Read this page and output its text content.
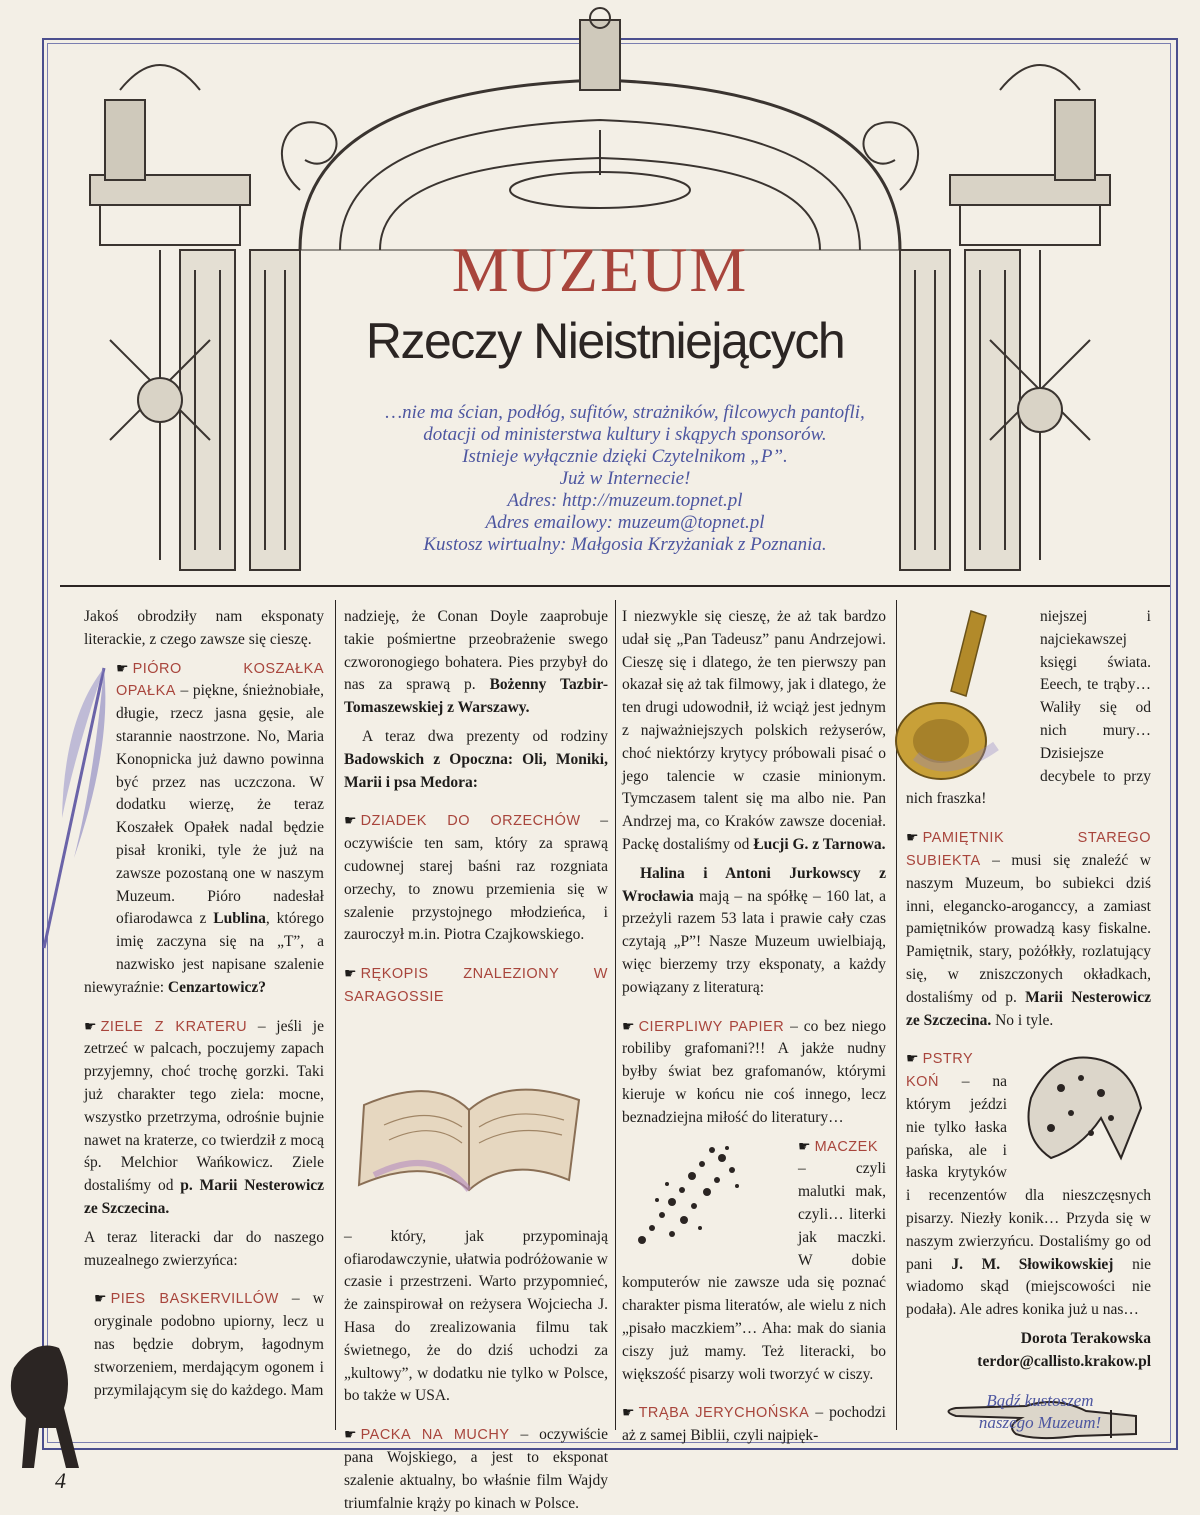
MUZEUM
Rzeczy Nieistniejących
…nie ma ścian, podłóg, sufitów, strażników, filcowych pantofli,
dotacji od ministerstwa kultury i skąpych sponsorów.
Istnieje wyłącznie dzięki Czytelnikom „P”.
Już w Internecie!
Adres: http://muzeum.topnet.pl
Adres emailowy: muzeum@topnet.pl
Kustosz wirtualny: Małgosia Krzyżaniak z Poznania.

Jakoś obrodziły nam eksponaty literackie, z czego zawsze się cieszę.

☛ PIÓRO KOSZAŁKA OPAŁKA – piękne, śnieżnobiałe, długie, rzecz jasna gęsie, ale starannie naostrzone. No, Maria Konopnicka już dawno powinna być przez nas uczczona. W dodatku wierzę, że teraz Koszałek Opałek nadal będzie pisał kroniki, tyle że już na zawsze pozostaną one w naszym Muzeum. Pióro nadesłał ofiarodawca z Lublina, którego imię zaczyna się na „T”, a nazwisko jest napisane szalenie niewyraźnie: Cenzartowicz?

☛ ZIELE Z KRATERU – jeśli je zetrzeć w palcach, poczujemy zapach przyjemny, choć trochę gorzki. Taki już charakter tego ziela: mocne, wszystko przetrzyma, odrośnie bujnie nawet na kraterze, co twierdził z mocą śp. Melchior Wańkowicz. Ziele dostaliśmy od p. Marii Nesterowicz ze Szczecina.

A teraz literacki dar do naszego muzealnego zwierzyńca:

☛ PIES BASKERVILLÓW – w oryginale podobno upiorny, lecz u nas będzie dobrym, łagodnym stworzeniem, merdającym ogonem i przymilającym się do każdego. Mam

nadzieję, że Conan Doyle zaaprobuje takie pośmiertne przeobrażenie swego czworonogiego bohatera. Pies przybył do nas za sprawą p. Bożenny Tazbir-Tomaszewskiej z Warszawy.

A teraz dwa prezenty od rodziny Badowskich z Opoczna: Oli, Moniki, Marii i psa Medora:

☛ DZIADEK DO ORZECHÓW – oczywiście ten sam, który za sprawą cudownej starej baśni raz rozgniata orzechy, to znowu przemienia się w szalenie przystojnego młodzieńca, i zauroczył m.in. Piotra Czajkowskiego.

☛ RĘKOPIS ZNALEZIONY W SARAGOSSIE

– który, jak przypominają ofiarodawczynie, ułatwia podróżowanie w czasie i przestrzeni. Warto przypomnieć, że zainspirował on reżysera Wojciecha J. Hasa do zrealizowania filmu tak świetnego, że do dziś uchodzi za „kultowy”, w dodatku nie tylko w Polsce, bo także w USA.

☛ PACKA NA MUCHY – oczywiście pana Wojskiego, a jest to eksponat szalenie aktualny, bo właśnie film Wajdy triumfalnie krąży po kinach w Polsce.

I niezwykle się cieszę, że aż tak bardzo udał się „Pan Tadeusz” panu Andrzejowi. Cieszę się i dlatego, że ten pierwszy pan okazał się aż tak filmowy, jak i dlatego, że ten drugi udowodnił, iż wciąż jest jednym z najważniejszych polskich reżyserów, choć niektórzy krytycy próbowali pisać o jego talencie w czasie minionym. Tymczasem talent się ma albo nie. Pan Andrzej ma, co Kraków zawsze doceniał. Packę dostaliśmy od Łucji G. z Tarnowa.

Halina i Antoni Jurkowscy z Wrocławia mają – na spółkę – 160 lat, a przeżyli razem 53 lata i prawie cały czas czytają „P”! Nasze Muzeum uwielbiają, więc bierzemy trzy eksponaty, a każdy powiązany z literaturą:

☛ CIERPLIWY PAPIER – co bez niego robiliby grafomani?!! A jakże nudny byłby świat bez grafomanów, którymi kieruje w końcu nie coś innego, lecz beznadziejna miłość do literatury…

☛ MACZEK – czyli malutki mak, czyli… literki jak maczki. W dobie komputerów nie zawsze uda się poznać charakter pisma literatów, ale wielu z nich „pisało maczkiem”… Aha: mak do siania ciszy już mamy. Też literacki, bo większość pisarzy woli tworzyć w ciszy.

☛ TRĄBA JERYCHOŃSKA – pochodzi aż z samej Biblii, czyli najpięk-

niejszej i najciekawszej księgi świata. Eeech, te trąby… Waliły się od nich mury… Dzisiejsze decybele to przy nich fraszka!

☛ PAMIĘTNIK STAREGO SUBIEKTA – musi się znaleźć w naszym Muzeum, bo subiekci dziś inni, elegancko-aroganccy, a zamiast pamiętników prowadzą kasy fiskalne. Pamiętnik, stary, pożółkły, rozlatujący się, w zniszczonych okładkach, dostaliśmy od p. Marii Nesterowicz ze Szczecina. No i tyle.

☛ PSTRY KOŃ – na którym jeździ nie tylko łaska pańska, ale i łaska krytyków i recenzentów dla nieszczęsnych pisarzy. Niezły konik… Przyda się w naszym zwierzyńcu. Dostaliśmy go od pani J. M. Słowikowskiej nie wiadomo skąd (miejscowości nie podała). Ale adres konika już u nas…

Dorota Terakowska
terdor@callisto.krakow.pl
Bądź kustoszem
naszego Muzeum!
4
